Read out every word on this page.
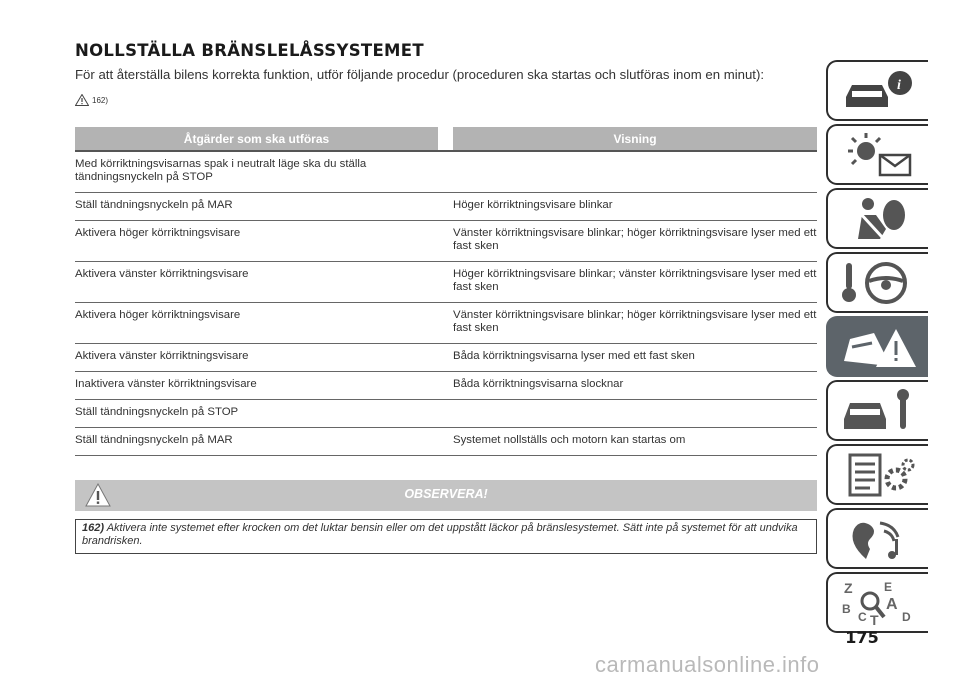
NOLLSTÄLLA BRÄNSLELÅSSYSTEMET
För att återställa bilens korrekta funktion, utför följande procedur (proceduren ska startas och slutföras inom en minut):
162)
Åtgärder som ska utföras		Visning
Med körriktningsvisarnas spak i neutralt läge ska du ställa tändningsnyckeln på STOP		
Ställ tändningsnyckeln på MAR		Höger körriktningsvisare blinkar
Aktivera höger körriktningsvisare		Vänster körriktningsvisare blinkar; höger körriktningsvisare lyser med ett fast sken
Aktivera vänster körriktningsvisare		Höger körriktningsvisare blinkar; vänster körriktningsvisare lyser med ett fast sken
Aktivera höger körriktningsvisare		Vänster körriktningsvisare blinkar; höger körriktningsvisare lyser med ett fast sken
Aktivera vänster körriktningsvisare		Båda körriktningsvisarna lyser med ett fast sken
Inaktivera vänster körriktningsvisare		Båda körriktningsvisarna slocknar
Ställ tändningsnyckeln på STOP		
Ställ tändningsnyckeln på MAR		Systemet nollställs och motorn kan startas om
OBSERVERA!
162) Aktivera inte systemet efter krocken om det luktar bensin eller om det uppstått läckor på bränslesystemet. Sätt inte på systemet för att undvika brandrisken.
i
Z	E
B A
C T D
175
carmanualsonline.info
